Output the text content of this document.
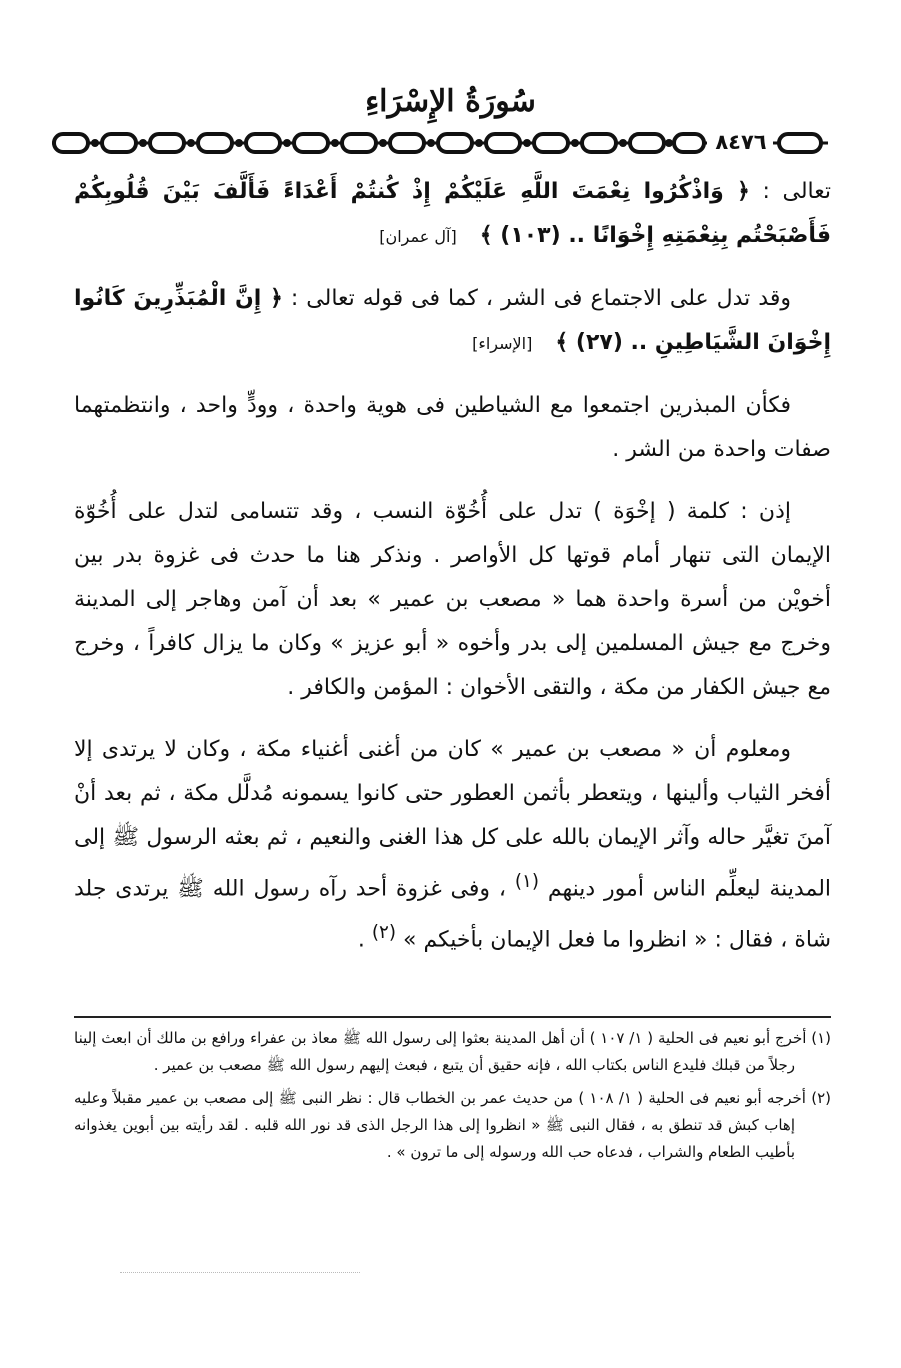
سُورَةُ الإِسْرَاءِ
٨٤٧٦
تعالى : ﴿ وَاذْكُرُوا نِعْمَتَ اللَّهِ عَلَيْكُمْ إِذْ كُنتُمْ أَعْدَاءً فَأَلَّفَ بَيْنَ قُلُوبِكُمْ فَأَصْبَحْتُم بِنِعْمَتِهِ إِخْوَانًا .. (١٠٣) ﴾ [آل عمران]
وقد تدل على الاجتماع فى الشر ، كما فى قوله تعالى : ﴿ إِنَّ الْمُبَذِّرِينَ كَانُوا إِخْوَانَ الشَّيَاطِينِ .. (٢٧) ﴾ [الإسراء]
فكأن المبذرين اجتمعوا مع الشياطين فى هوية واحدة ، وودٍّ واحد ، وانتظمتهما صفات واحدة من الشر .
إذن : كلمة ( إخْوَة ) تدل على أُخُوّة النسب ، وقد تتسامى لتدل على أُخُوّة الإيمان التى تنهار أمام قوتها كل الأواصر . ونذكر هنا ما حدث فى غزوة بدر بين أخويْن من أسرة واحدة هما « مصعب بن عمير » بعد أن آمن وهاجر إلى المدينة وخرج مع جيش المسلمين إلى بدر وأخوه « أبو عزيز » وكان ما يزال كافراً ، وخرج مع جيش الكفار من مكة ، والتقى الأخوان : المؤمن والكافر .
ومعلوم أن « مصعب بن عمير » كان من أغنى أغنياء مكة ، وكان لا يرتدى إلا أفخر الثياب وألينها ، ويتعطر بأثمن العطور حتى كانوا يسمونه مُدلَّل مكة ، ثم بعد أنْ آمنَ تغيَّر حاله وآثر الإيمان بالله على كل هذا الغنى والنعيم ، ثم بعثه الرسول ﷺ إلى المدينة ليعلِّم الناس أمور دينهم $^{(١)}$ ، وفى غزوة أحد رآه رسول الله ﷺ يرتدى جلد شاة ، فقال : « انظروا ما فعل الإيمان بأخيكم » $^{(٢)}$ .
(١) أخرج أبو نعيم فى الحلية ( ١/ ١٠٧ ) أن أهل المدينة بعثوا إلى رسول الله ﷺ معاذ بن عفراء ورافع بن مالك أن ابعث إلينا رجلاً من قبلك فليدع الناس بكتاب الله ، فإنه حقيق أن يتبع ، فبعث إليهم رسول الله ﷺ مصعب بن عمير .
(٢) أخرجه أبو نعيم فى الحلية ( ١/ ١٠٨ ) من حديث عمر بن الخطاب قال : نظر النبى ﷺ إلى مصعب بن عمير مقبلاً وعليه إهاب كبش قد تنطق به ، فقال النبى ﷺ « انظروا إلى هذا الرجل الذى قد نور الله قلبه . لقد رأيته بين أبوين يغذوانه بأطيب الطعام والشراب ، فدعاه حب الله ورسوله إلى ما ترون » .
